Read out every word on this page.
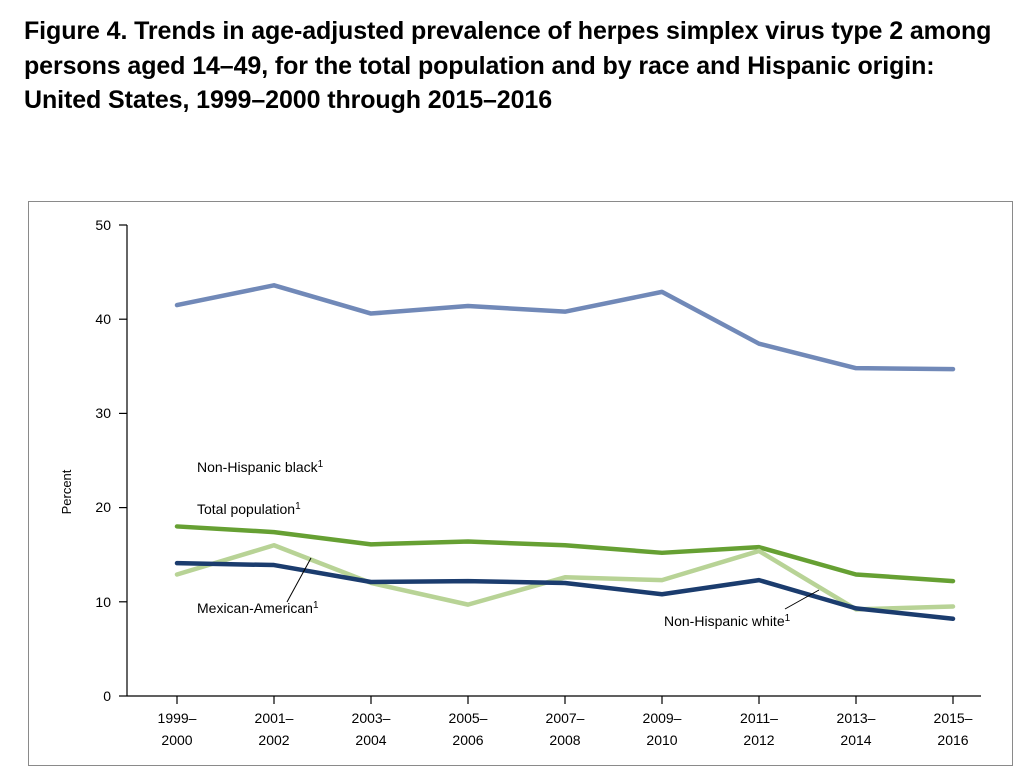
Figure 4. Trends in age-adjusted prevalence of herpes simplex virus type 2 among persons aged 14–49, for the total population and by race and Hispanic origin: United States, 1999–2000 through 2015–2016
50
40
30
20
10
0
Percent
1999–
2000
2001–
2002
2003–
2004
2005–
2006
2007–
2008
2009–
2010
2011–
2012
2013–
2014
2015–
2016
Non-Hispanic black$^1$
Total population$^1$
Mexican-American$^1$
Non-Hispanic white$^1$
